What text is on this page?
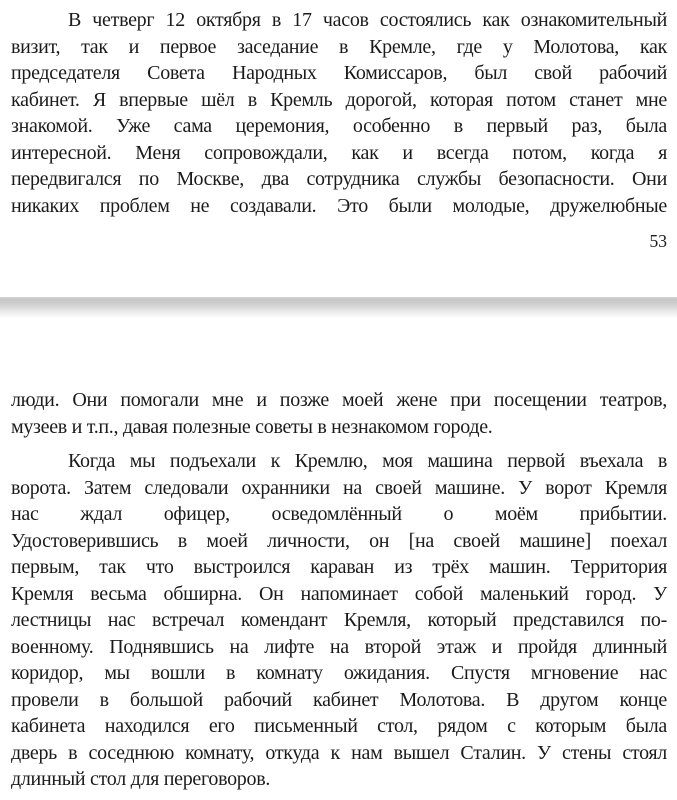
В четверг 12 октября в 17 часов состоялись как ознакомительный
визит, так и первое заседание в Кремле, где у Молотова, как
председателя Совета Народных Комиссаров, был свой рабочий
кабинет. Я впервые шёл в Кремль дорогой, которая потом станет мне
знакомой. Уже сама церемония, особенно в первый раз, была
интересной. Меня сопровождали, как и всегда потом, когда я
передвигался по Москве, два сотрудника службы безопасности. Они
никаких проблем не создавали. Это были молодые, дружелюбные
53
люди. Они помогали мне и позже моей жене при посещении театров,
музеев и т.п., давая полезные советы в незнакомом городе.
Когда мы подъехали к Кремлю, моя машина первой въехала в
ворота. Затем следовали охранники на своей машине. У ворот Кремля
нас ждал офицер, осведомлённый о моём прибытии.
Удостоверившись в моей личности, он [на своей машине] поехал
первым, так что выстроился караван из трёх машин. Территория
Кремля весьма обширна. Он напоминает собой маленький город. У
лестницы нас встречал комендант Кремля, который представился по-
военному. Поднявшись на лифте на второй этаж и пройдя длинный
коридор, мы вошли в комнату ожидания. Спустя мгновение нас
провели в большой рабочий кабинет Молотова. В другом конце
кабинета находился его письменный стол, рядом с которым была
дверь в соседнюю комнату, откуда к нам вышел Сталин. У стены стоял
длинный стол для переговоров.
